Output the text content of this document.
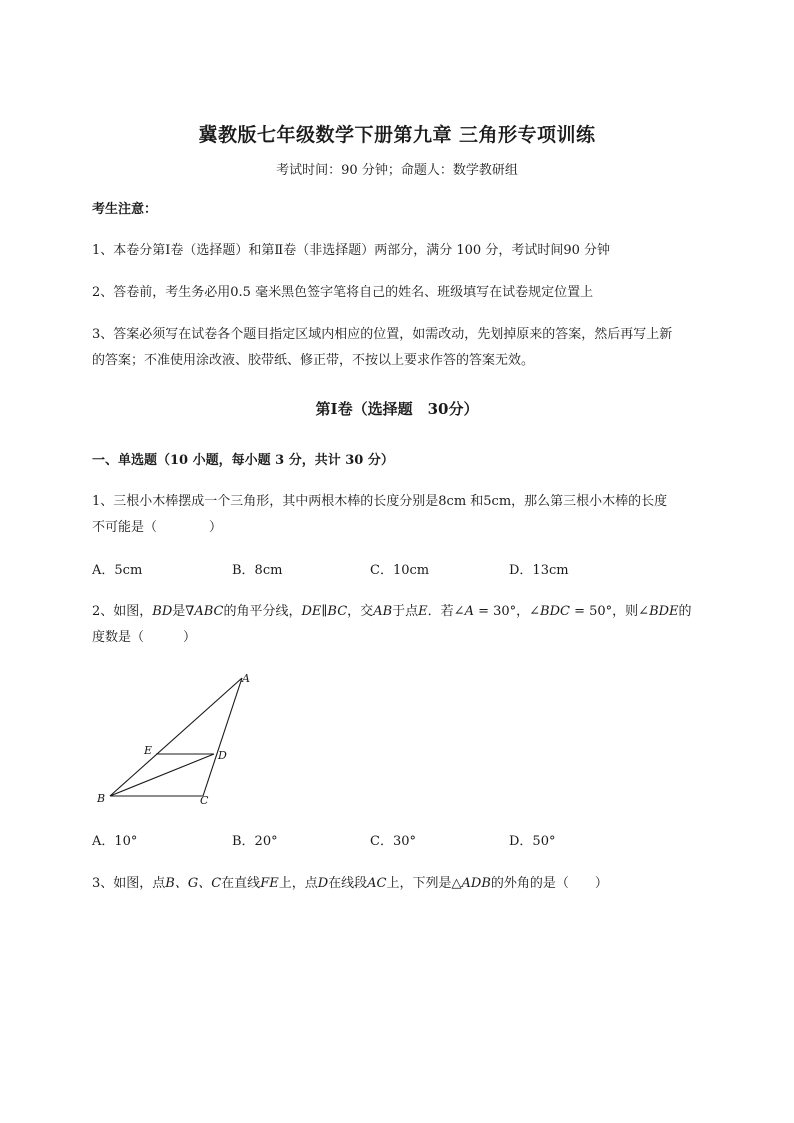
冀教版七年级数学下册第九章 三角形专项训练
考试时间：90 分钟；命题人：数学教研组
考生注意：
1、本卷分第Ⅰ卷（选择题）和第Ⅱ卷（非选择题）两部分，满分 100 分，考试时间90 分钟
2、答卷前，考生务必用0.5 毫米黑色签字笔将自己的姓名、班级填写在试卷规定位置上
3、答案必须写在试卷各个题目指定区域内相应的位置，如需改动，先划掉原来的答案，然后再写上新
的答案；不准使用涂改液、胶带纸、修正带，不按以上要求作答的答案无效。
第Ⅰ卷（选择题　30分）
一、单选题（10 小题，每小题 3 分，共计 30 分）
1、三根小木棒摆成一个三角形，其中两根木棒的长度分别是8cm 和5cm，那么第三根小木棒的长度
不可能是（　　　　）
A．5cm	B．8cm	C．10cm	D．13cm
2、如图，BD是∇ABC的角平分线，DE∥BC，交AB于点E．若∠A = 30°，∠BDC = 50°，则∠BDE的
度数是（　　　）
A
E	D
B	C
A．10°	B．20°	C．30°	D．50°
3、如图，点B、G、C在直线FE上，点D在线段AC上，下列是△ADB的外角的是（　　）
